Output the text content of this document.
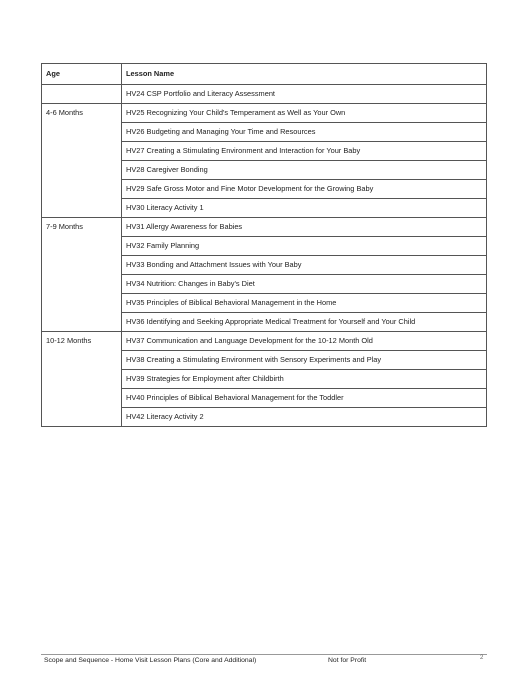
Age	Lesson Name
	HV24 CSP Portfolio and Literacy Assessment
4-6 Months	HV25 Recognizing Your Child's Temperament as Well as Your Own
	HV26 Budgeting and Managing Your Time and Resources
	HV27 Creating a Stimulating Environment and Interaction for Your Baby
	HV28 Caregiver Bonding
	HV29 Safe Gross Motor and Fine Motor Development for the Growing Baby
	HV30 Literacy Activity 1
7-9 Months	HV31 Allergy Awareness for Babies
	HV32 Family Planning
	HV33 Bonding and Attachment Issues with Your Baby
	HV34 Nutrition: Changes in Baby's Diet
	HV35 Principles of Biblical Behavioral Management in the Home
	HV36 Identifying and Seeking Appropriate Medical Treatment for Yourself and Your Child
10-12 Months	HV37 Communication and Language Development for the 10-12 Month Old
	HV38 Creating a Stimulating Environment with Sensory Experiments and Play
	HV39 Strategies for Employment after Childbirth
	HV40 Principles of Biblical Behavioral Management for the Toddler
	HV42 Literacy Activity 2
Scope and Sequence - Home Visit Lesson Plans (Core and Additional)	Not for Profit	2
